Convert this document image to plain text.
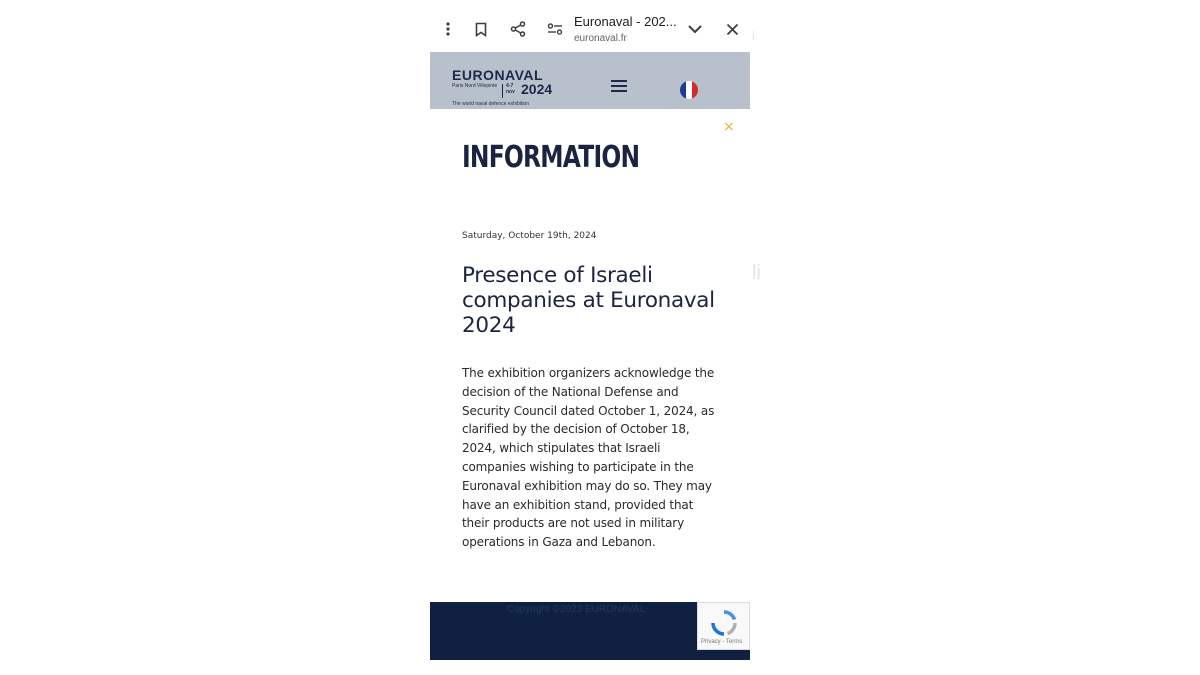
i
li
Euronaval - 202...
euronaval.fr
EURONAVAL
Paris Nord Villepinte	4-7 nov 2024
The world naval defence exhibition
×
INFORMATION
Saturday, October 19th, 2024
Presence of Israeli companies at Euronaval 2024
The exhibition organizers acknowledge the decision of the National Defense and Security Council dated October 1, 2024, as clarified by the decision of October 18, 2024, which stipulates that Israeli companies wishing to participate in the Euronaval exhibition may do so. They may have an exhibition stand, provided that their products are not used in military operations in Gaza and Lebanon.
Copyright ©2023 EURONAVAL
Privacy - Terms
